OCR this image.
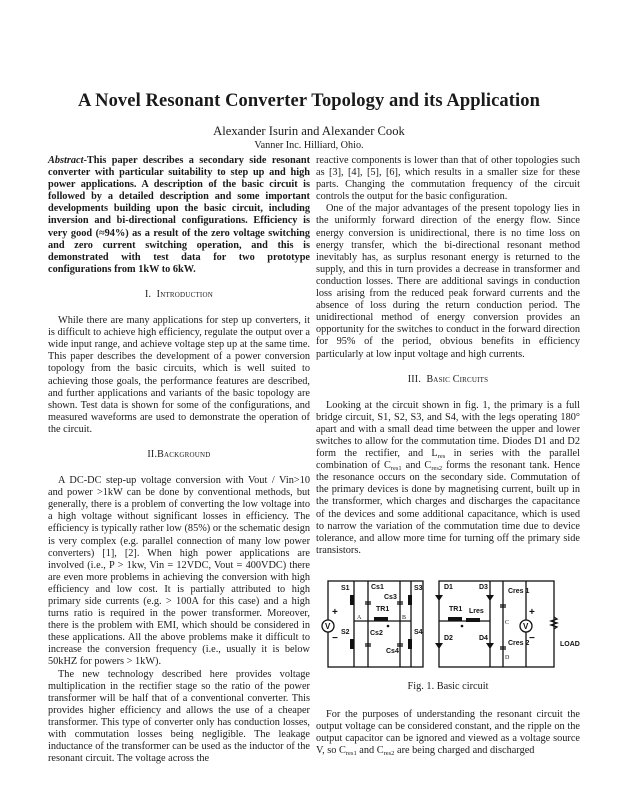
A Novel Resonant Converter Topology and its Application
Alexander Isurin and Alexander Cook
Vanner Inc. Hilliard, Ohio.

Abstract-This paper describes a secondary side resonant converter with particular suitability to step up and high power applications. A description of the basic circuit is followed by a detailed description and some important developments building upon the basic circuit, including inversion and bi-directional configurations. Efficiency is very good (≈94%) as a result of the zero voltage switching and zero current switching operation, and this is demonstrated with test data for two prototype configurations from 1kW to 6kW.

I. Introduction

While there are many applications for step up converters, it is difficult to achieve high efficiency, regulate the output over a wide input range, and achieve voltage step up at the same time. This paper describes the development of a power conversion topology from the basic circuits, which is well suited to achieving those goals, the performance features are described, and further applications and variants of the basic topology are shown. Test data is shown for some of the configurations, and measured waveforms are used to demonstrate the operation of the circuit.

II.Background

A DC-DC step-up voltage conversion with Vout / Vin>10 and power >1kW can be done by conventional methods, but generally, there is a problem of converting the low voltage into a high voltage without significant losses in efficiency. The efficiency is typically rather low (85%) or the schematic design is very complex (e.g. parallel connection of many low power converters) [1], [2]. When high power applications are involved (i.e., P > 1kw, Vin = 12VDC, Vout = 400VDC) there are even more problems in achieving the conversion with high efficiency and low cost. It is partially attributed to high primary side currents (e.g. > 100A for this case) and a high turns ratio is required in the power transformer. Moreover, there is the problem with EMI, which should be considered in these applications. All the above problems make it difficult to increase the conversion frequency (i.e., usually it is below 50kHZ for powers > 1kW).

The new technology described here provides voltage multiplication in the rectifier stage so the ratio of the power transformer will be half that of a conventional converter. This provides higher efficiency and allows the use of a cheaper transformer. This type of converter only has conduction losses, with commutation losses being negligible. The leakage inductance of the transformer can be used as the inductor of the resonant circuit. The voltage across the

reactive components is lower than that of other topologies such as [3], [4], [5], [6], which results in a smaller size for these parts. Changing the commutation frequency of the circuit controls the output for the basic configuration.

One of the major advantages of the present topology lies in the uniformly forward direction of the energy flow. Since energy conversion is unidirectional, there is no time loss on energy transfer, which the bi-directional resonant method inevitably has, as surplus resonant energy is returned to the supply, and this in turn provides a decrease in transformer and conduction losses. There are additional savings in conduction loss arising from the reduced peak forward currents and the absence of loss during the return conduction period. The unidirectional method of energy conversion provides an opportunity for the switches to conduct in the forward direction for 95% of the period, obvious benefits in efficiency particularly at low input voltage and high currents.

III. Basic Circuits

Looking at the circuit shown in fig. 1, the primary is a full bridge circuit, S1, S2, S3, and S4, with the legs operating 180° apart and with a small dead time between the upper and lower switches to allow for the commutation time. Diodes D1 and D2 form the rectifier, and $L_{res}$ in series with the parallel combination of $C_{res1}$ and $C_{res2}$ forms the resonant tank. Hence the resonance occurs on the secondary side. Commutation of the primary devices is done by magnetising current, built up in the transformer, which charges and discharges the capacitance of the devices and some additional capacitance, which is used to narrow the variation of the commutation time due to device tolerance, and allow more time for turning off the primary side transistors.

S1
S2
S3
S4
Cs1
Cs3
TR1
Cs2
Cs4
D1
D2
D3
D4
TR1 Lres
Cres 1
Cres 2	LOAD
V	V
+
−
+
−
A	B
C
D
Fig. 1. Basic circuit

For the purposes of understanding the resonant circuit the output voltage can be considered constant, and the ripple on the output capacitor can be ignored and viewed as a voltage source V, so $C_{res1}$ and $C_{res2}$ are being charged and discharged
